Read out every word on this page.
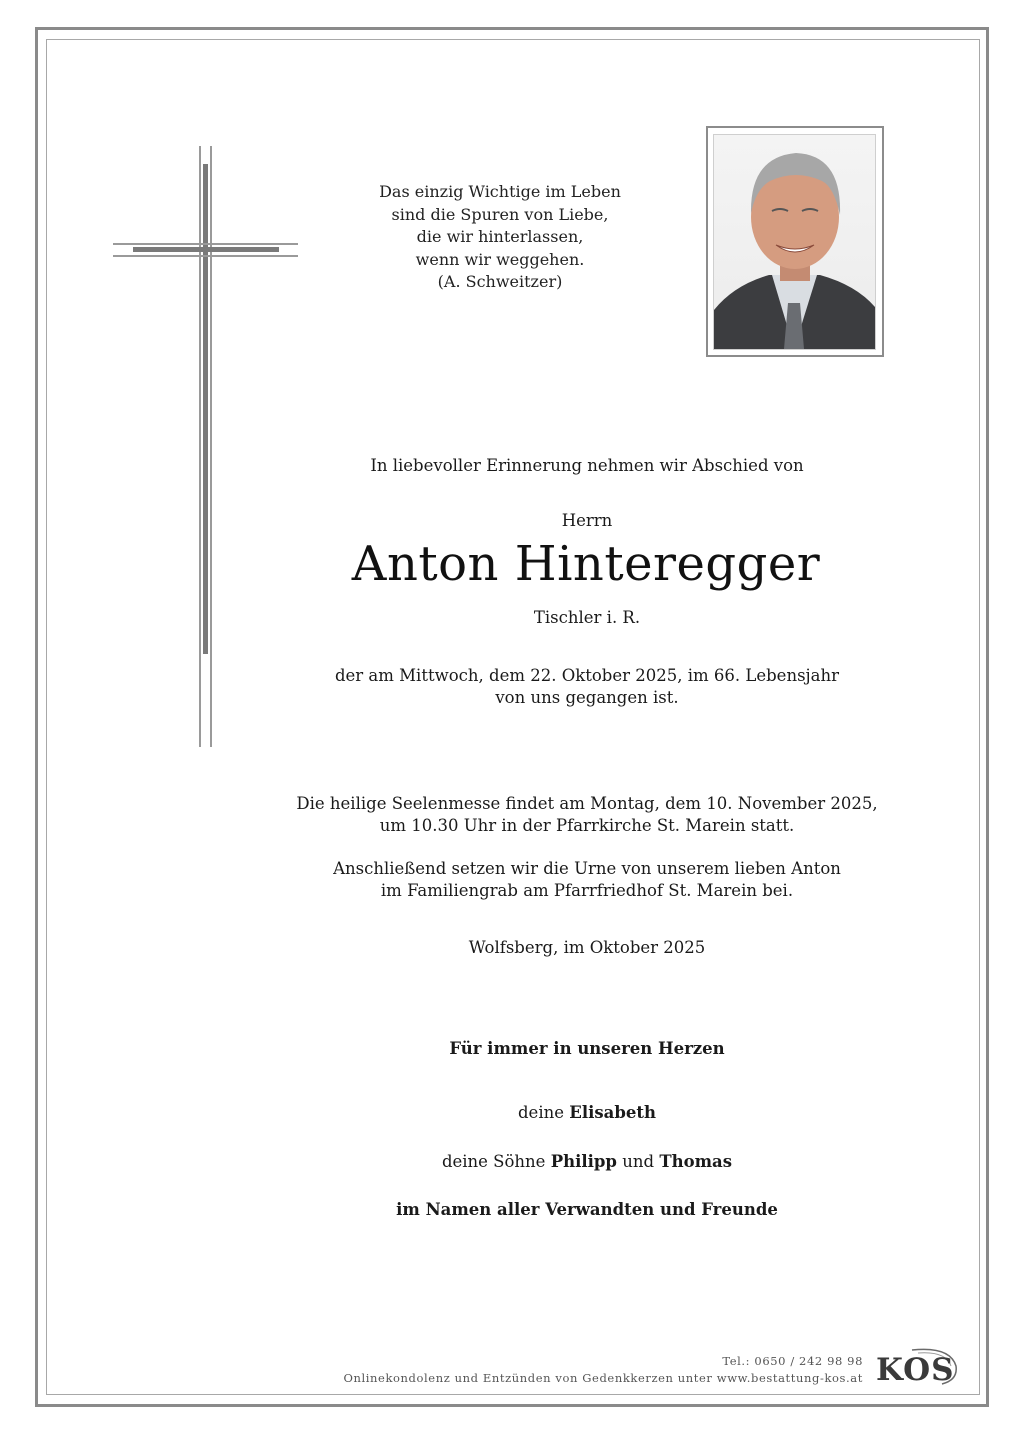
Das einzig Wichtige im Leben
sind die Spuren von Liebe,
die wir hinterlassen,
wenn wir weggehen.
(A. Schweitzer)
In liebevoller Erinnerung nehmen wir Abschied von
Herrn
Anton Hinteregger
Tischler i. R.
der am Mittwoch, dem 22. Oktober 2025, im 66. Lebensjahr
von uns gegangen ist.
Die heilige Seelenmesse findet am Montag, dem 10. November 2025,
um 10.30 Uhr in der Pfarrkirche St. Marein statt.
Anschließend setzen wir die Urne von unserem lieben Anton
im Familiengrab am Pfarrfriedhof St. Marein bei.
Wolfsberg, im Oktober 2025
Für immer in unseren Herzen
deine Elisabeth
deine Söhne Philipp und Thomas
im Namen aller Verwandten und Freunde
Tel.: 0650 / 242 98 98
Onlinekondolenz und Entzünden von Gedenkkerzen unter www.bestattung-kos.at KOS
